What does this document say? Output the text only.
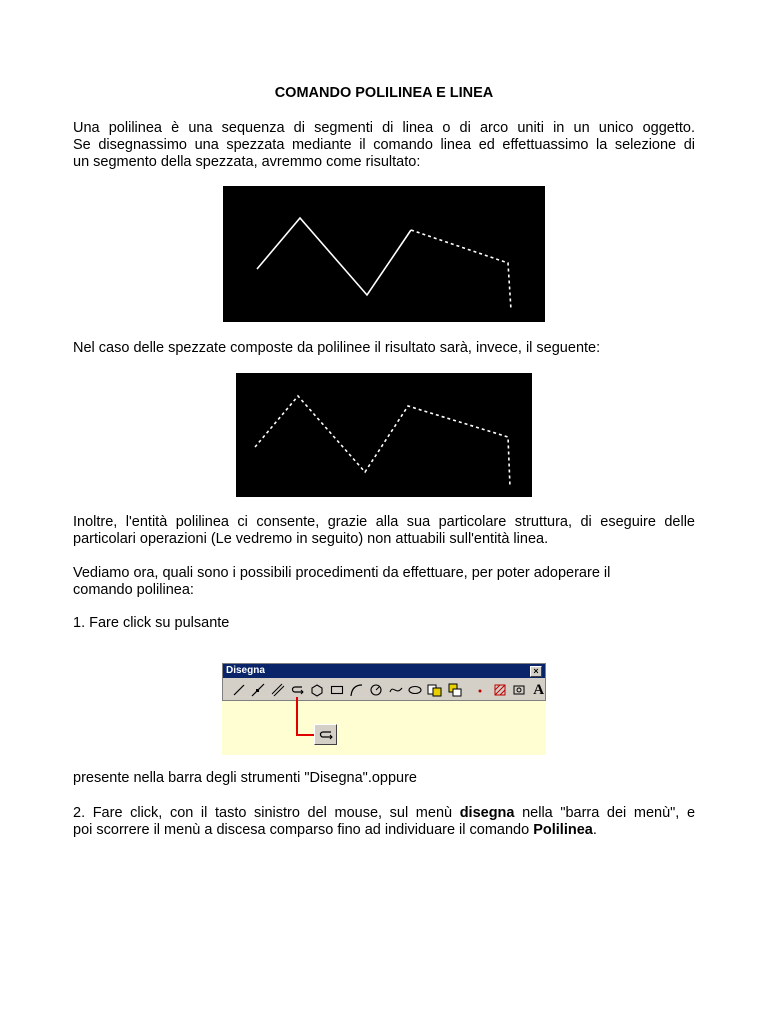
COMANDO POLILINEA E LINEA
Una polilinea è una sequenza di segmenti di linea o di arco uniti in un unico oggetto.
Se disegnassimo una spezzata mediante il comando linea ed effettuassimo la selezione di
un segmento della spezzata, avremmo come risultato:
Nel caso delle spezzate composte da polilinee il risultato sarà, invece, il seguente:
Inoltre, l'entità polilinea ci consente, grazie alla sua particolare struttura, di eseguire delle
particolari operazioni (Le vedremo in seguito) non attuabili sull'entità linea.
Vediamo ora, quali sono i possibili procedimenti da effettuare, per poter adoperare il
comando polilinea:
1. Fare click su pulsante
Disegna	×
A
presente nella barra degli strumenti "Disegna".oppure
2. Fare click, con il tasto sinistro del mouse, sul menù disegna nella "barra dei menù", e
poi scorrere il menù a discesa comparso fino ad individuare il comando Polilinea.
